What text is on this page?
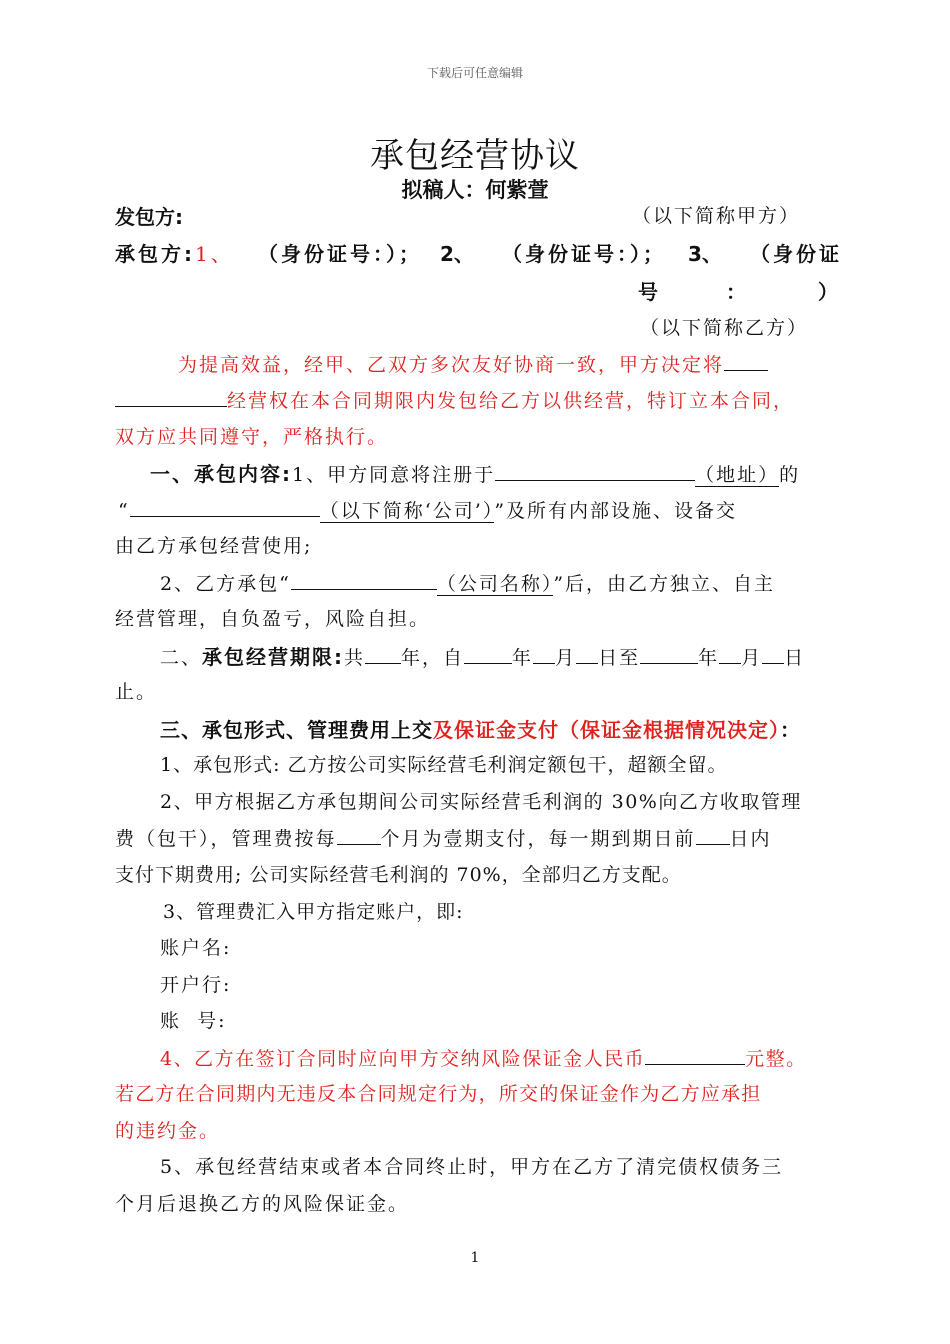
下载后可任意编辑
承包经营协议
拟稿人：何紫萱
发包方:	（以下简称甲方）
承包方:1、 （身份证号：）； 2、 （身份证号：）； 3、 （身份证
号	：	）
（以下简称乙方）
为提高效益，经甲、乙双方多次友好协商一致，甲方决定将
经营权在本合同期限内发包给乙方以供经营，特订立本合同，
双方应共同遵守，严格执行。
一、承包内容:1、甲方同意将注册于	（地址）的
“	（以下简称‘公司’）”及所有内部设施、设备交
由乙方承包经营使用;
2、乙方承包“	（公司名称）”后，由乙方独立、自主
经营管理，自负盈亏，风险自担。
二、承包经营期限:共 年，自	年 月 日至	年 月 日
止。
三、承包形式、管理费用上交及保证金支付（保证金根据情况决定）：
1、承包形式: 乙方按公司实际经营毛利润定额包干，超额全留。
2、甲方根据乙方承包期间公司实际经营毛利润的 30%向乙方收取管理
费（包干），管理费按每 个月为壹期支付，每一期到期日前 日内
支付下期费用; 公司实际经营毛利润的 70%，全部归乙方支配。
3、管理费汇入甲方指定账户，即:
账户名:
开户行:
账  号:
4、乙方在签订合同时应向甲方交纳风险保证金人民币	元整。
若乙方在合同期内无违反本合同规定行为，所交的保证金作为乙方应承担
的违约金。
5、承包经营结束或者本合同终止时，甲方在乙方了清完债权债务三
个月后退换乙方的风险保证金。
1
